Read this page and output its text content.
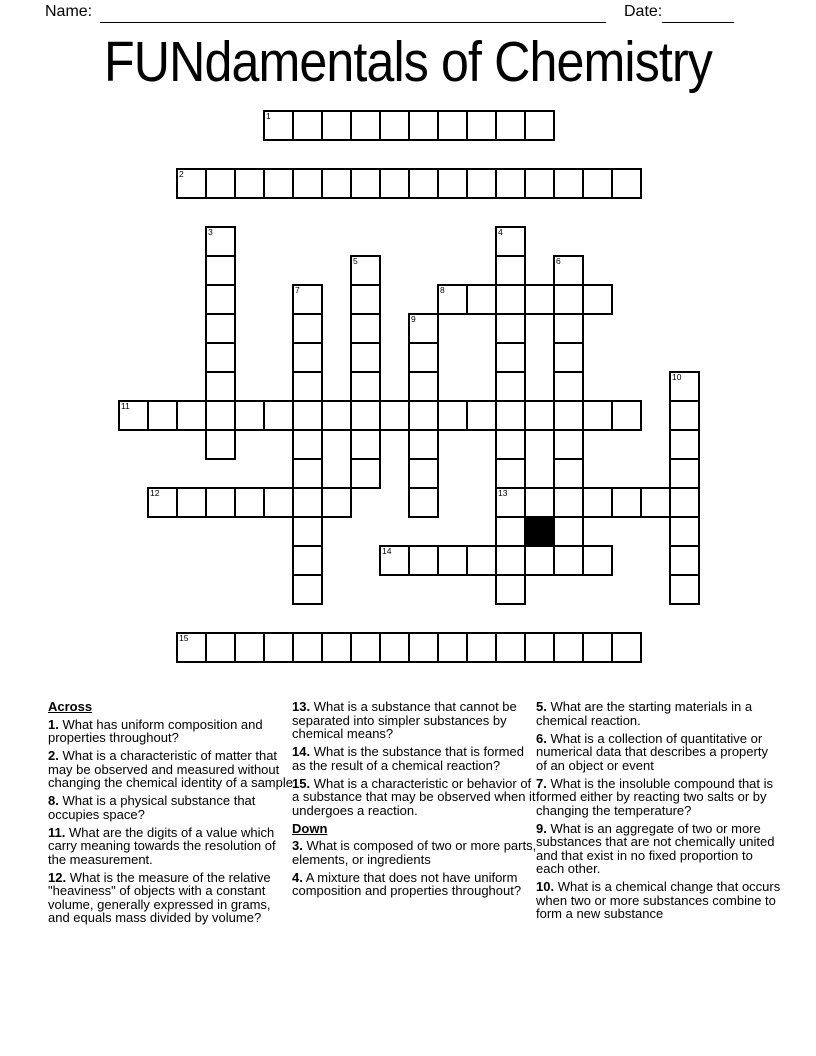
Name:	Date:
FUNdamentals of Chemistry
1
2
3	4
13
5	6
7	8
9
10
11
12
14
15
Across
1. What has uniform composition and properties throughout?
2. What is a characteristic of matter that may be observed and measured without changing the chemical identity of a sample
8. What is a physical substance that occupies space?
11. What are the digits of a value which carry meaning towards the resolution of the measurement.
12. What is the measure of the relative "heaviness" of objects with a constant volume, generally expressed in grams, and equals mass divided by volume?
13. What is a substance that cannot be separated into simpler substances by chemical means?
14. What is the substance that is formed as the result of a chemical reaction?
15. What is a characteristic or behavior of a substance that may be observed when it undergoes a reaction.
Down
3. What is composed of two or more parts, elements, or ingredients
4. A mixture that does not have uniform composition and properties throughout?
5. What are the starting materials in a chemical reaction.
6. What is a collection of quantitative or numerical data that describes a property of an object or event
7. What is the insoluble compound that is formed either by reacting two salts or by changing the temperature?
9. What is an aggregate of two or more substances that are not chemically united and that exist in no fixed proportion to each other.
10. What is a chemical change that occurs when two or more substances combine to form a new substance
